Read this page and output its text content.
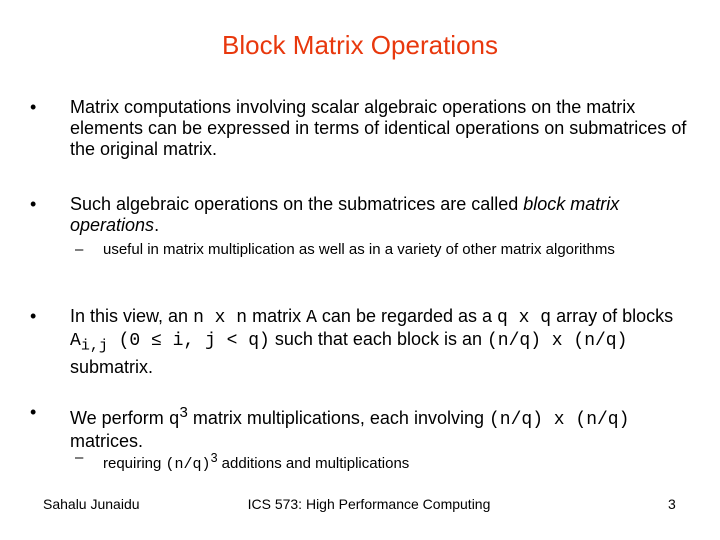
Block Matrix Operations
• Matrix computations involving scalar algebraic operations on the matrix elements can be expressed in terms of identical operations on submatrices of the original matrix.
• Such algebraic operations on the submatrices are called block matrix operations.
– useful in matrix multiplication as well as in a variety of other matrix algorithms
• In this view, an n x n matrix A can be regarded as a q x q array of blocks $A_{i,j}$ (0 ≤ i, j < q) such that each block is an (n/q) x (n/q) submatrix.
• We perform $q^3$ matrix multiplications, each involving (n/q) x (n/q) matrices.
– requiring $(n/q)^3$ additions and multiplications
Sahalu Junaidu	ICS 573: High Performance Computing	3
